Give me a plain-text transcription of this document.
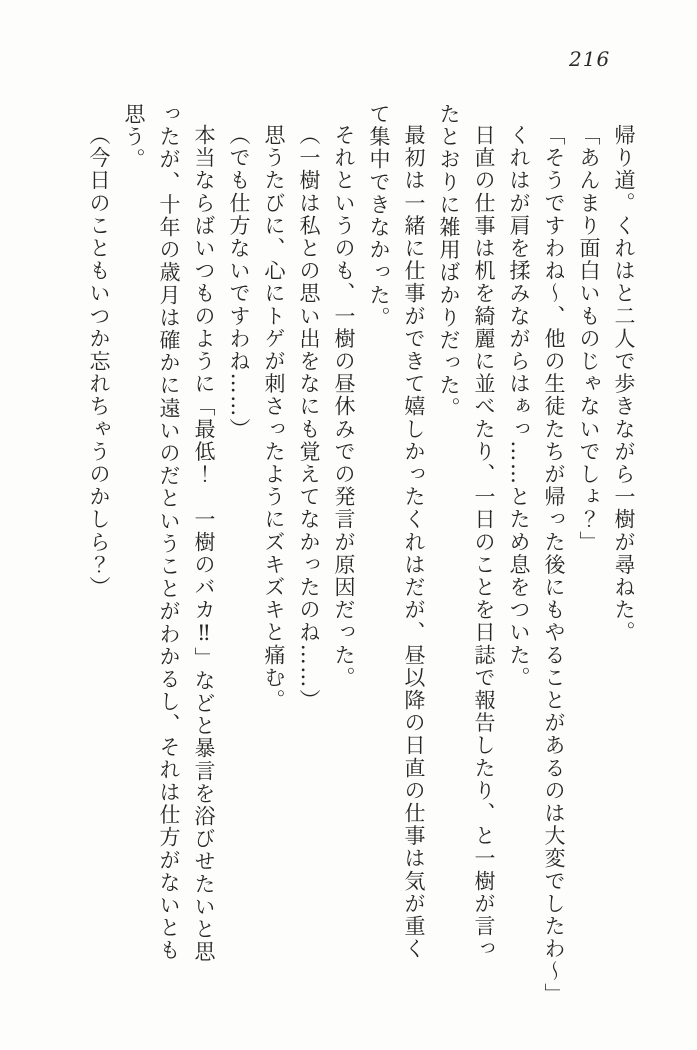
216

帰り道。くれはと二人で歩きながら一樹が尋ねた。

「あんまり面白いものじゃないでしょ？」

「そうですわね〜、他の生徒たちが帰った後にもやることがあるのは大変でしたわ〜」

くれはが肩を揉みながらはぁっ……とため息をついた。

日直の仕事は机を綺麗に並べたり、一日のことを日誌で報告したり、と一樹が言っ

たとおりに雑用ばかりだった。

最初は一緒に仕事ができて嬉しかったくれはだが、昼以降の日直の仕事は気が重く

て集中できなかった。

それというのも、一樹の昼休みでの発言が原因だった。

（一樹は私との思い出をなにも覚えてなかったのね……）

思うたびに、心にトゲが刺さったようにズキズキと痛む。

（でも仕方ないですわね……）

本当ならばいつものように「最低！　一樹のバカ‼」などと暴言を浴びせたいと思

ったが、十年の歳月は確かに遠いのだということがわかるし、それは仕方がないとも

思う。

（今日のこともいつか忘れちゃうのかしら？）
